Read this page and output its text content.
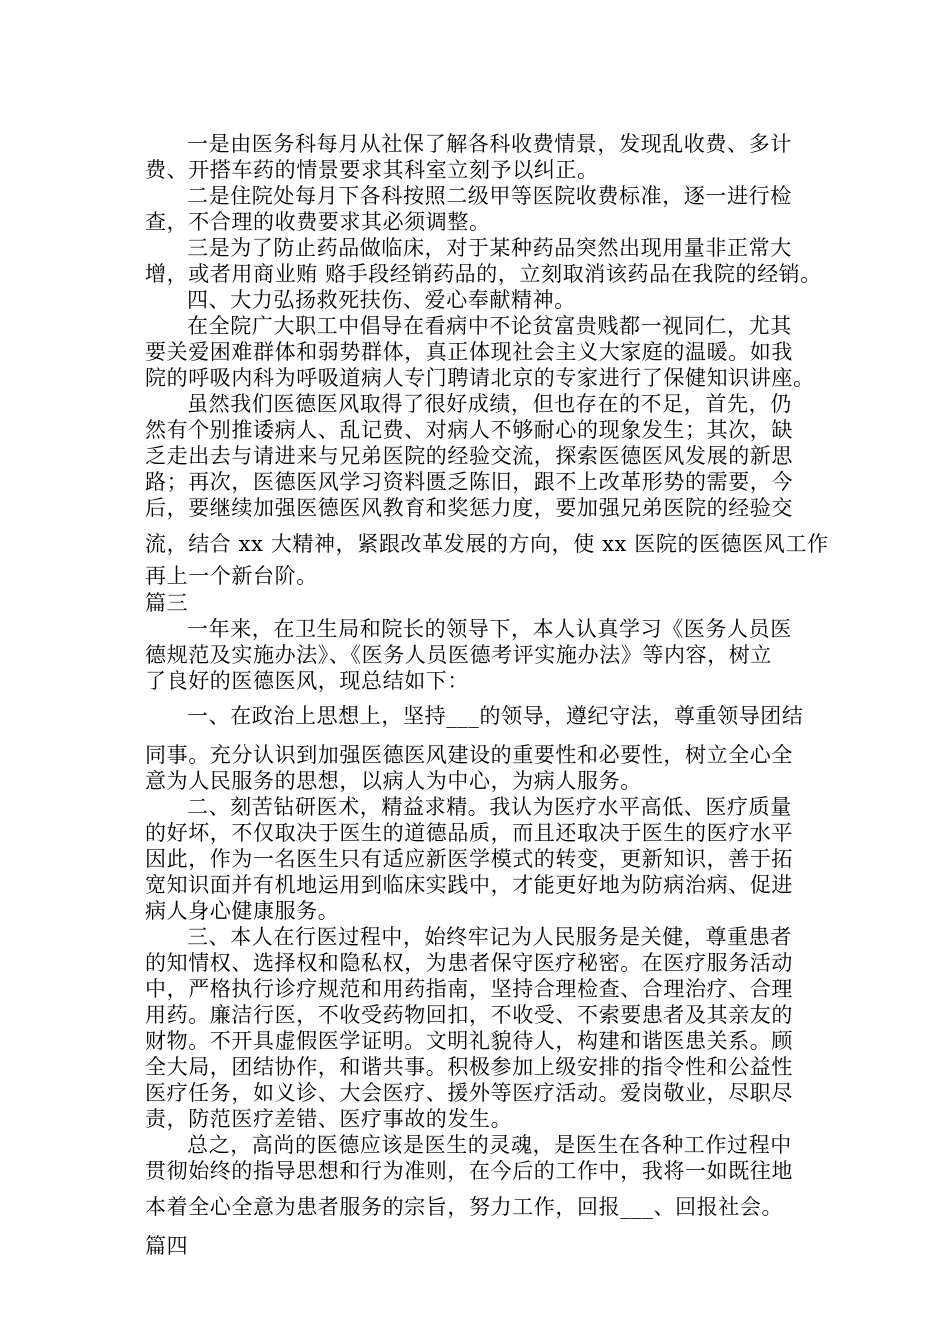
一是由医务科每月从社保了解各科收费情景，发现乱收费、多计
费、开搭车药的情景要求其科室立刻予以纠正。
二是住院处每月下各科按照二级甲等医院收费标准，逐一进行检
查，不合理的收费要求其必须调整。
三是为了防止药品做临床，对于某种药品突然出现用量非正常大
增，或者用商业贿 赂手段经销药品的，立刻取消该药品在我院的经销。
四、大力弘扬救死扶伤、爱心奉献精神。
在全院广大职工中倡导在看病中不论贫富贵贱都一视同仁，尤其
要关爱困难群体和弱势群体，真正体现社会主义大家庭的温暖。如我
院的呼吸内科为呼吸道病人专门聘请北京的专家进行了保健知识讲座。
虽然我们医德医风取得了很好成绩，但也存在的不足，首先，仍
然有个别推诿病人、乱记费、对病人不够耐心的现象发生；其次，缺
乏走出去与请进来与兄弟医院的经验交流，探索医德医风发展的新思
路；再次，医德医风学习资料匮乏陈旧，跟不上改革形势的需要，今
后，要继续加强医德医风教育和奖惩力度，要加强兄弟医院的经验交
流，结合 xx 大精神，紧跟改革发展的方向，使 xx 医院的医德医风工作
再上一个新台阶。
篇三
一年来，在卫生局和院长的领导下，本人认真学习《医务人员医
德规范及实施办法》、《医务人员医德考评实施办法》等内容，树立
了良好的医德医风，现总结如下：
一、在政治上思想上，坚持___的领导，遵纪守法，尊重领导团结
同事。充分认识到加强医德医风建设的重要性和必要性，树立全心全
意为人民服务的思想，以病人为中心，为病人服务。
二、刻苦钻研医术，精益求精。我认为医疗水平高低、医疗质量
的好坏，不仅取决于医生的道德品质，而且还取决于医生的医疗水平
因此，作为一名医生只有适应新医学模式的转变，更新知识，善于拓
宽知识面并有机地运用到临床实践中，才能更好地为防病治病、促进
病人身心健康服务。
三、本人在行医过程中，始终牢记为人民服务是关健，尊重患者
的知情权、选择权和隐私权，为患者保守医疗秘密。在医疗服务活动
中，严格执行诊疗规范和用药指南，坚持合理检查、合理治疗、合理
用药。廉洁行医，不收受药物回扣，不收受、不索要患者及其亲友的
财物。不开具虚假医学证明。文明礼貌待人，构建和谐医患关系。顾
全大局，团结协作，和谐共事。积极参加上级安排的指令性和公益性
医疗任务，如义诊、大会医疗、援外等医疗活动。爱岗敬业，尽职尽
责，防范医疗差错、医疗事故的发生。
总之，高尚的医德应该是医生的灵魂，是医生在各种工作过程中
贯彻始终的指导思想和行为准则，在今后的工作中，我将一如既往地
本着全心全意为患者服务的宗旨，努力工作，回报___、回报社会。
篇四
